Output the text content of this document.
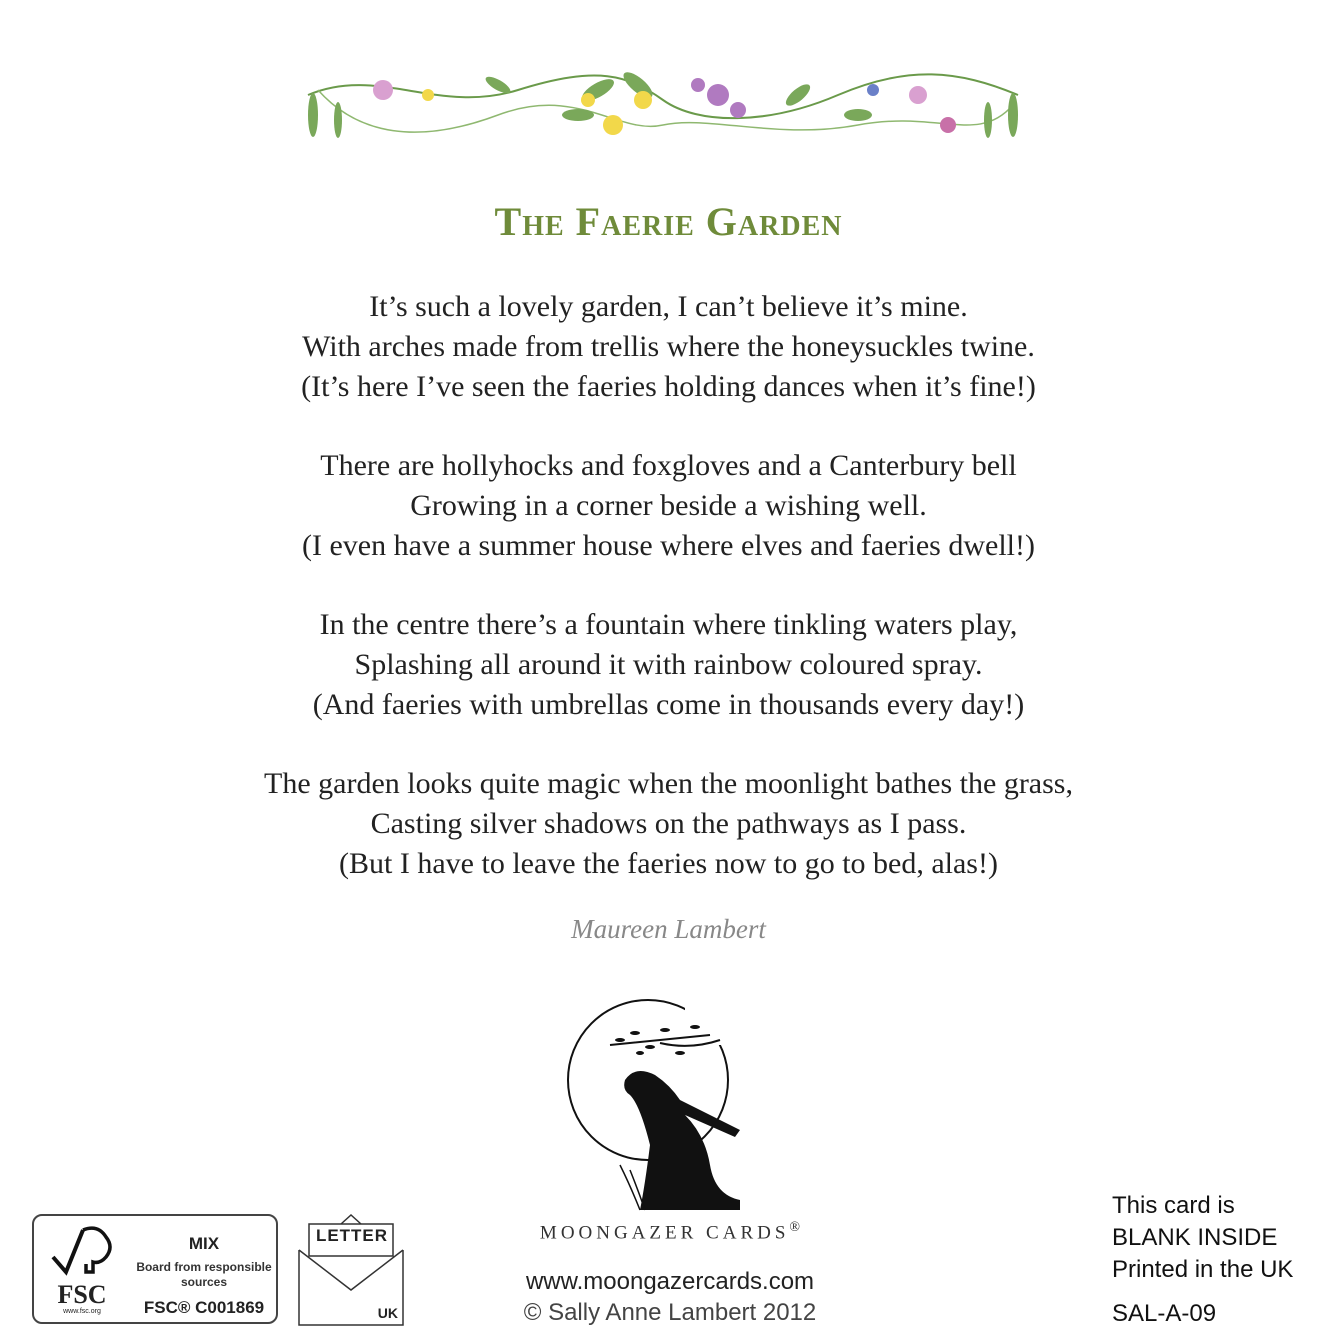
The Faerie Garden
It’s such a lovely garden, I can’t believe it’s mine.
With arches made from trellis where the honeysuckles twine.
(It’s here I’ve seen the faeries holding dances when it’s fine!)
There are hollyhocks and foxgloves and a Canterbury bell
Growing in a corner beside a wishing well.
(I even have a summer house where elves and faeries dwell!)
In the centre there’s a fountain where tinkling waters play,
Splashing all around it with rainbow coloured spray.
(And faeries with umbrellas come in thousands every day!)
The garden looks quite magic when the moonlight bathes the grass,
Casting silver shadows on the pathways as I pass.
(But I have to leave the faeries now to go to bed, alas!)
Maureen Lambert
MOONGAZER CARDS®
www.moongazercards.com
© Sally Anne Lambert 2012
FSC
www.fsc.org
MIX
Board from responsible sources
FSC® C001869
LETTER
UK
This card is
BLANK INSIDE
Printed in the UK
SAL-A-09
